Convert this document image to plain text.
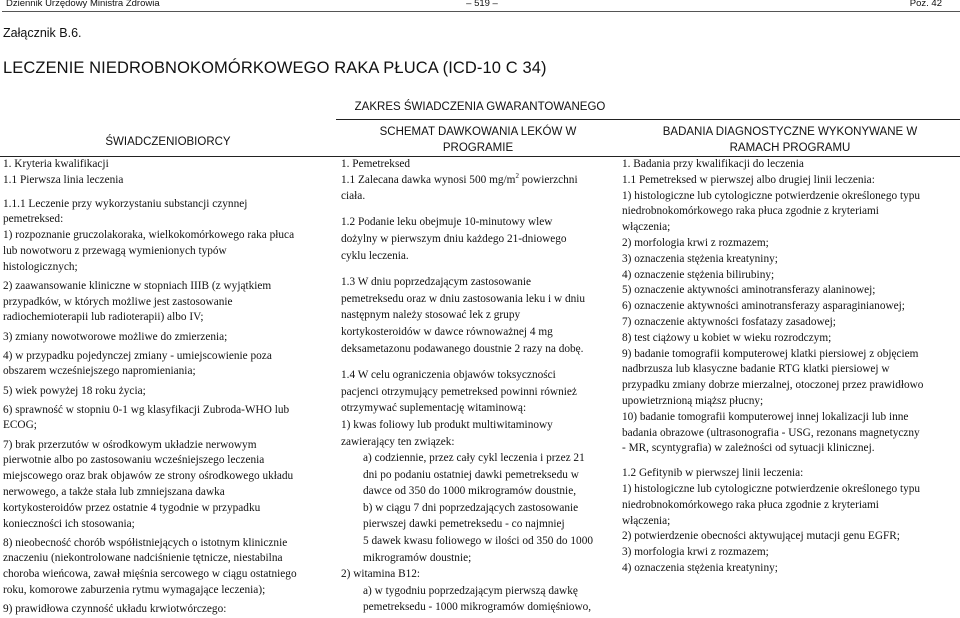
Dziennik Urzędowy Ministra Zdrowia	– 519 –	Poz. 42
Załącznik B.6.
LECZENIE NIEDROBNOKOMÓRKOWEGO RAKA PŁUCA (ICD-10 C 34)
ZAKRES ŚWIADCZENIA GWARANTOWANEGO
ŚWIADCZENIOBIORCY
SCHEMAT DAWKOWANIA LEKÓW W
PROGRAMIE
BADANIA DIAGNOSTYCZNE WYKONYWANE W
RAMACH PROGRAMU

1. Kryteria kwalifikacji

1.1 Pierwsza linia leczenia

1.1.1 Leczenie przy wykorzystaniu substancji czynnej

pemetreksed:

1) rozpoznanie gruczolakoraka, wielkokomórkowego raka płuca

lub nowotworu z przewagą wymienionych typów

histologicznych;

2) zaawansowanie kliniczne w stopniach IIIB (z wyjątkiem

przypadków, w których możliwe jest zastosowanie

radiochemioterapii lub radioterapii) albo IV;

3) zmiany nowotworowe możliwe do zmierzenia;

4) w przypadku pojedynczej zmiany - umiejscowienie poza

obszarem wcześniejszego napromieniania;

5) wiek powyżej 18 roku życia;

6) sprawność w stopniu 0-1 wg klasyfikacji Zubroda-WHO lub

ECOG;

7) brak przerzutów w ośrodkowym układzie nerwowym

pierwotnie albo po zastosowaniu wcześniejszego leczenia

miejscowego oraz brak objawów ze strony ośrodkowego układu

nerwowego, a także stała lub zmniejszana dawka

kortykosteroidów przez ostatnie 4 tygodnie w przypadku

konieczności ich stosowania;

8) nieobecność chorób współistniejących o istotnym klinicznie

znaczeniu (niekontrolowane nadciśnienie tętnicze, niestabilna

choroba wieńcowa, zawał mięśnia sercowego w ciągu ostatniego

roku, komorowe zaburzenia rytmu wymagające leczenia);

9) prawidłowa czynność układu krwiotwórczego:

1. Pemetreksed

1.1 Zalecana dawka wynosi 500 $mg/m^2$ powierzchni

ciała.

1.2 Podanie leku obejmuje 10-minutowy wlew

dożylny w pierwszym dniu każdego 21-dniowego

cyklu leczenia.

1.3 W dniu poprzedzającym zastosowanie

pemetreksedu oraz w dniu zastosowania leku i w dniu

następnym należy stosować lek z grupy

kortykosteroidów w dawce równoważnej 4 mg

deksametazonu podawanego doustnie 2 razy na dobę.

1.4 W celu ograniczenia objawów toksyczności

pacjenci otrzymujący pemetreksed powinni również

otrzymywać suplementację witaminową:

1) kwas foliowy lub produkt multiwitaminowy

zawierający ten związek:

a) codziennie, przez cały cykl leczenia i przez 21

dni po podaniu ostatniej dawki pemetreksedu w

dawce od 350 do 1000 mikrogramów doustnie,

b) w ciągu 7 dni poprzedzających zastosowanie

pierwszej dawki pemetreksedu - co najmniej

5 dawek kwasu foliowego w ilości od 350 do 1000

mikrogramów doustnie;

2) witamina B12:

a) w tygodniu poprzedzającym pierwszą dawkę

pemetreksedu - 1000 mikrogramów domięśniowo,

1. Badania przy kwalifikacji do leczenia

1.1 Pemetreksed w pierwszej albo drugiej linii leczenia:

1) histologiczne lub cytologiczne potwierdzenie określonego typu

niedrobnokomórkowego raka płuca zgodnie z kryteriami

włączenia;

2) morfologia krwi z rozmazem;

3) oznaczenia stężenia kreatyniny;

4) oznaczenie stężenia bilirubiny;

5) oznaczenie aktywności aminotransferazy alaninowej;

6) oznaczenie aktywności aminotransferazy asparaginianowej;

7) oznaczenie aktywności fosfatazy zasadowej;

8) test ciążowy u kobiet w wieku rozrodczym;

9) badanie tomografii komputerowej klatki piersiowej z objęciem

nadbrzusza lub klasyczne badanie RTG klatki piersiowej w

przypadku zmiany dobrze mierzalnej, otoczonej przez prawidłowo

upowietrznioną miąższ płucny;

10) badanie tomografii komputerowej innej lokalizacji lub inne

badania obrazowe (ultrasonografia - USG, rezonans magnetyczny

- MR, scyntygrafia) w zależności od sytuacji klinicznej.

1.2 Gefitynib w pierwszej linii leczenia:

1) histologiczne lub cytologiczne potwierdzenie określonego typu

niedrobnokomórkowego raka płuca zgodnie z kryteriami

włączenia;

2) potwierdzenie obecności aktywującej mutacji genu EGFR;

3) morfologia krwi z rozmazem;

4) oznaczenia stężenia kreatyniny;
